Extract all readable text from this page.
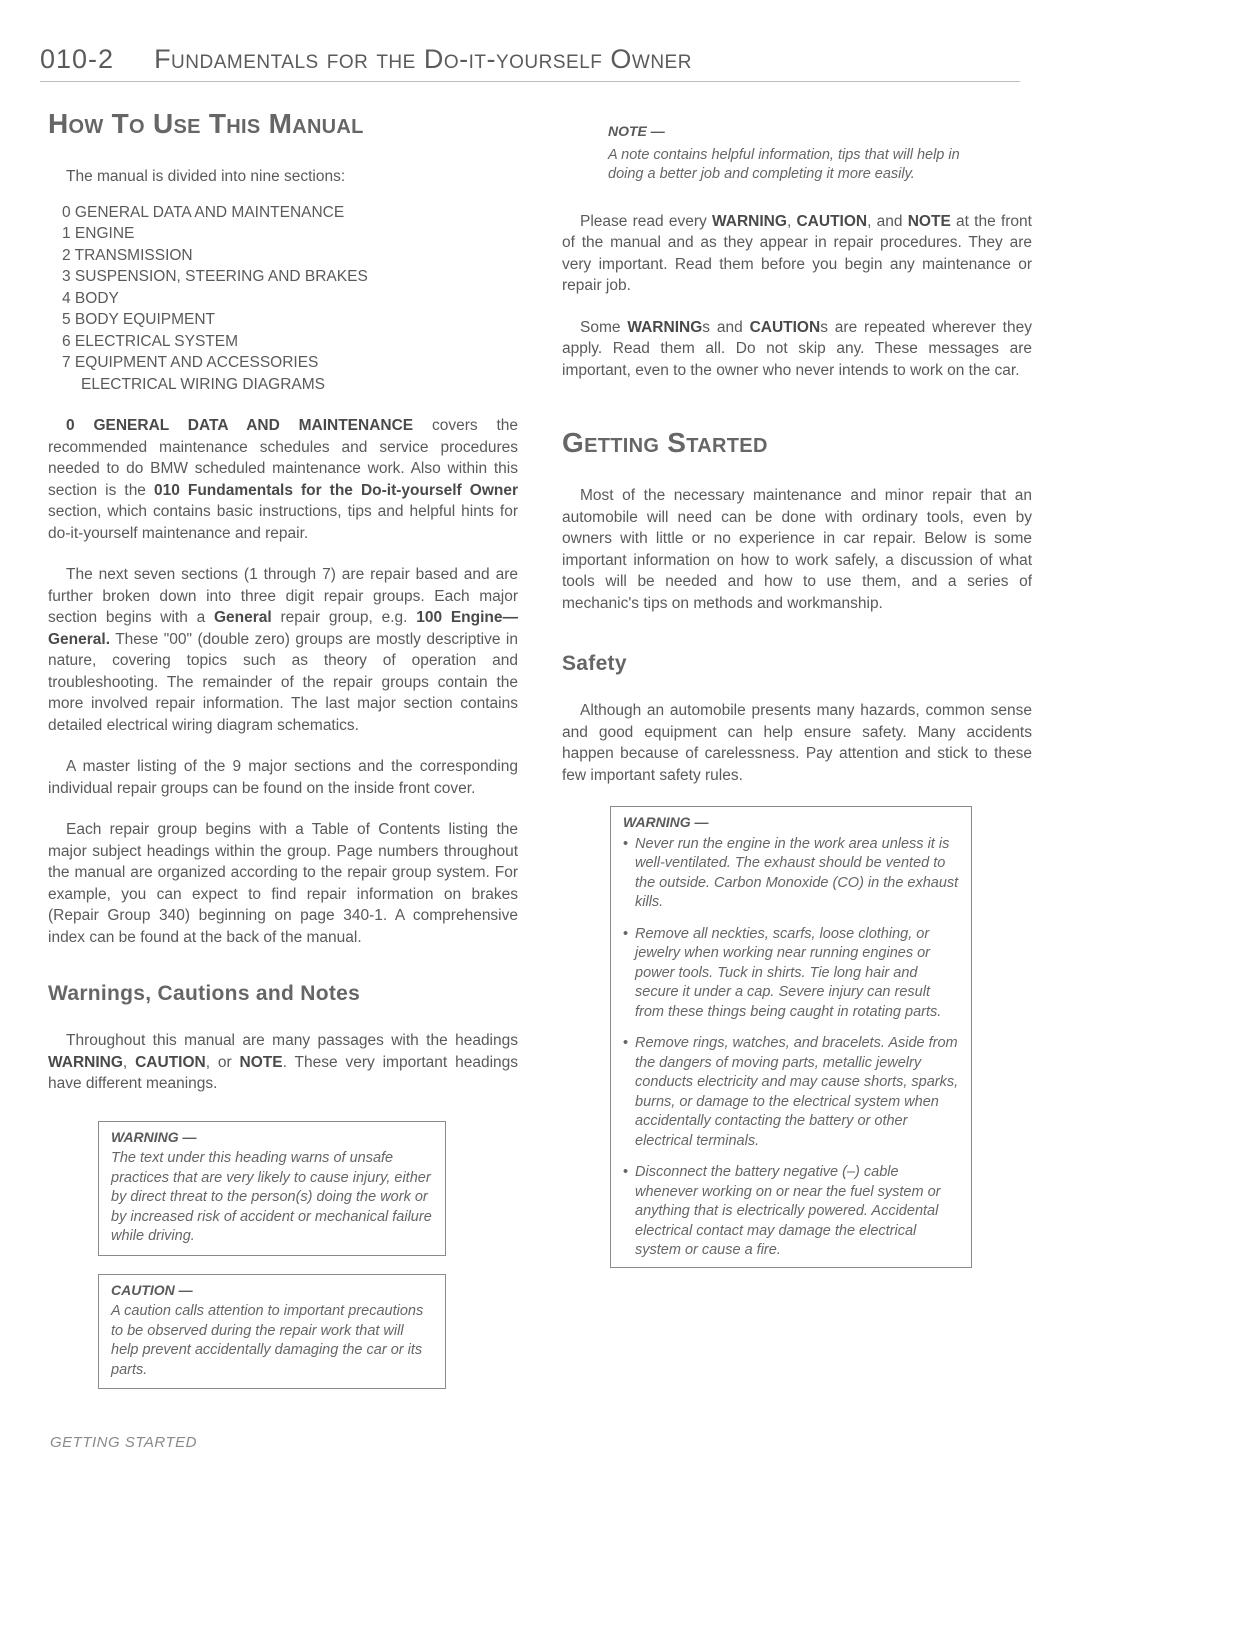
010-2 Fundamentals for the Do-it-yourself Owner
How To Use This Manual

The manual is divided into nine sections:

0 GENERAL DATA AND MAINTENANCE
1 ENGINE
2 TRANSMISSION
3 SUSPENSION, STEERING AND BRAKES
4 BODY
5 BODY EQUIPMENT
6 ELECTRICAL SYSTEM
7 EQUIPMENT AND ACCESSORIES
ELECTRICAL WIRING DIAGRAMS

0 GENERAL DATA AND MAINTENANCE covers the recommended maintenance schedules and service procedures needed to do BMW scheduled maintenance work. Also within this section is the 010 Fundamentals for the Do-it-yourself Owner section, which contains basic instructions, tips and helpful hints for do-it-yourself maintenance and repair.

The next seven sections (1 through 7) are repair based and are further broken down into three digit repair groups. Each major section begins with a General repair group, e.g. 100 Engine—General. These "00" (double zero) groups are mostly descriptive in nature, covering topics such as theory of operation and troubleshooting. The remainder of the repair groups contain the more involved repair information. The last major section contains detailed electrical wiring diagram schematics.

A master listing of the 9 major sections and the corresponding individual repair groups can be found on the inside front cover.

Each repair group begins with a Table of Contents listing the major subject headings within the group. Page numbers throughout the manual are organized according to the repair group system. For example, you can expect to find repair information on brakes (Repair Group 340) beginning on page 340-1. A comprehensive index can be found at the back of the manual.

Warnings, Cautions and Notes

Throughout this manual are many passages with the headings WARNING, CAUTION, or NOTE. These very important headings have different meanings.

WARNING —
The text under this heading warns of unsafe practices that are very likely to cause injury, either by direct threat to the person(s) doing the work or by increased risk of accident or mechanical failure while driving.
CAUTION —
A caution calls attention to important precautions to be observed during the repair work that will help prevent accidentally damaging the car or its parts.
NOTE —
A note contains helpful information, tips that will help in doing a better job and completing it more easily.

Please read every WARNING, CAUTION, and NOTE at the front of the manual and as they appear in repair procedures. They are very important. Read them before you begin any maintenance or repair job.

Some WARNINGs and CAUTIONs are repeated wherever they apply. Read them all. Do not skip any. These messages are important, even to the owner who never intends to work on the car.

Getting Started

Most of the necessary maintenance and minor repair that an automobile will need can be done with ordinary tools, even by owners with little or no experience in car repair. Below is some important information on how to work safely, a discussion of what tools will be needed and how to use them, and a series of mechanic's tips on methods and workmanship.

Safety

Although an automobile presents many hazards, common sense and good equipment can help ensure safety. Many accidents happen because of carelessness. Pay attention and stick to these few important safety rules.

WARNING —
• Never run the engine in the work area unless it is well-ventilated. The exhaust should be vented to the outside. Carbon Monoxide (CO) in the exhaust kills.
• Remove all neckties, scarfs, loose clothing, or jewelry when working near running engines or power tools. Tuck in shirts. Tie long hair and secure it under a cap. Severe injury can result from these things being caught in rotating parts.
• Remove rings, watches, and bracelets. Aside from the dangers of moving parts, metallic jewelry conducts electricity and may cause shorts, sparks, burns, or damage to the electrical system when accidentally contacting the battery or other electrical terminals.
• Disconnect the battery negative (–) cable whenever working on or near the fuel system or anything that is electrically powered. Accidental electrical contact may damage the electrical system or cause a fire.
GETTING STARTED
